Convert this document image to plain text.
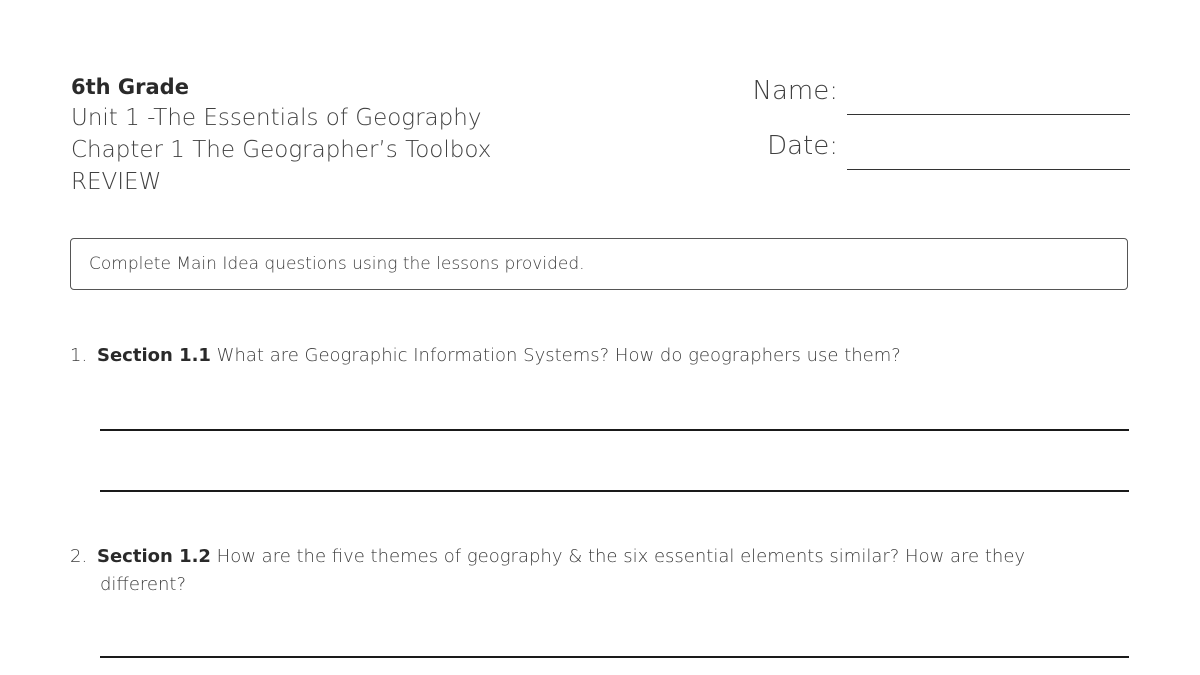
6th Grade
Unit 1 -The Essentials of Geography
Chapter 1 The Geographer’s Toolbox
REVIEW
Name:
Date:
Complete Main Idea questions using the lessons provided.
1. Section 1.1 What are Geographic Information Systems? How do geographers use them?
2. Section 1.2 How are the five themes of geography & the six essential elements similar? How are they
different?
